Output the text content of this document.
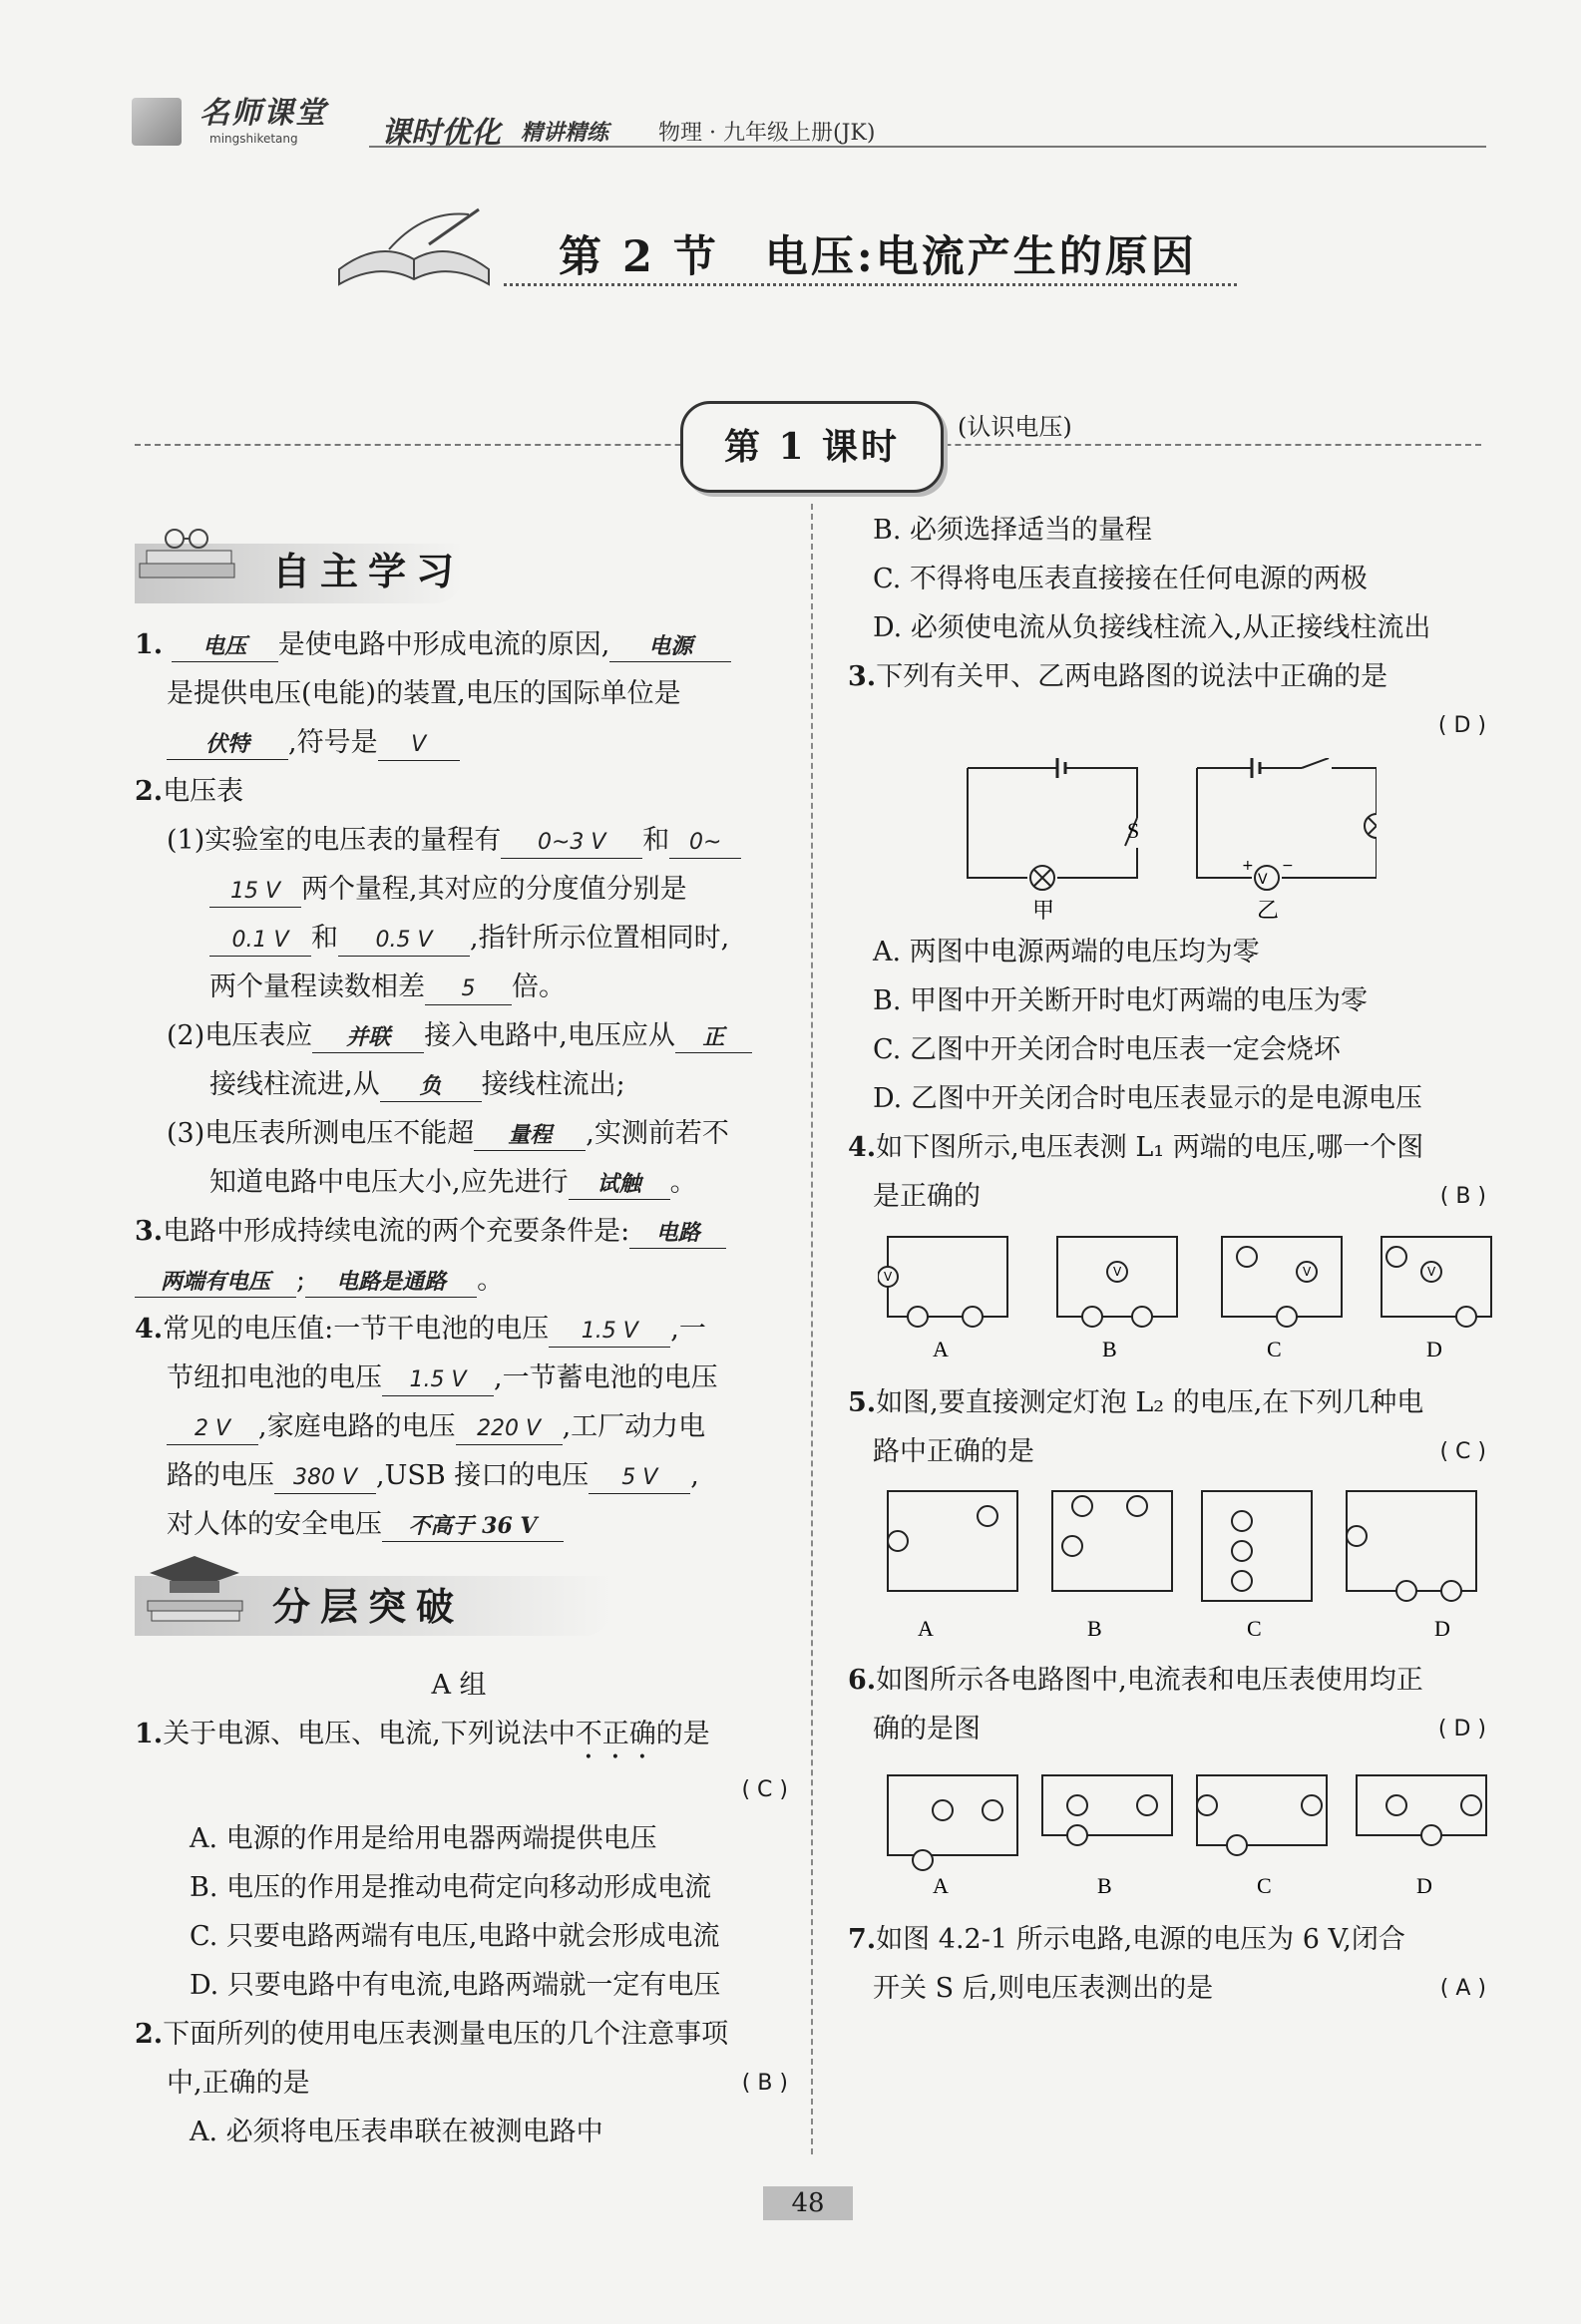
名师课堂
mingshiketang	课时优化 精讲精练 物理 · 九年级上册(JK)
第 2 节　电压:电流产生的原因
第 1 课时	(认识电压)
自主学习
1. 电压 是使电路中形成电流的原因, 电源
是提供电压(电能)的装置,电压的国际单位是
伏特 ,符号是 V
2.电压表
(1)实验室的电压表的量程有 0~3 V 和 0~
15 V 两个量程,其对应的分度值分别是
0.1 V 和 0.5 V ,指针所示位置相同时,
两个量程读数相差 5 倍。
(2)电压表应 并联 接入电路中,电压应从 正
接线柱流进,从 负 接线柱流出;
(3)电压表所测电压不能超 量程 ,实测前若不
知道电路中电压大小,应先进行 试触 。
3.电路中形成持续电流的两个充要条件是: 电路
两端有电压 ; 电路是通路 。
4.常见的电压值:一节干电池的电压 1.5 V ,一
节纽扣电池的电压 1.5 V ,一节蓄电池的电压
2 V ,家庭电路的电压 220 V ,工厂动力电
路的电压 380 V ,USB 接口的电压 5 V ,
对人体的安全电压 不高于 36 V
分层突破
A 组
1.关于电源、电压、电流,下列说法中不正确的是
( C )
A. 电源的作用是给用电器两端提供电压
B. 电压的作用是推动电荷定向移动形成电流
C. 只要电路两端有电压,电路中就会形成电流
D. 只要电路中有电流,电路两端就一定有电压
2.下面所列的使用电压表测量电压的几个注意事项
中,正确的是	( B )
A. 必须将电压表串联在被测电路中
B. 必须选择适当的量程
C. 不得将电压表直接接在任何电源的两极
D. 必须使电流从负接线柱流入,从正接线柱流出
3.下列有关甲、乙两电路图的说法中正确的是
( D )
V
+ −
S
甲	乙
A. 两图中电源两端的电压均为零
B. 甲图中开关断开时电灯两端的电压为零
C. 乙图中开关闭合时电压表一定会烧坏
D. 乙图中开关闭合时电压表显示的是电源电压
4.如下图所示,电压表测 L₁ 两端的电压,哪一个图
是正确的	( B )
V	V	V	V
A	B	C	D
5.如图,要直接测定灯泡 L₂ 的电压,在下列几种电
路中正确的是	( C )
A	B	C	D
6.如图所示各电路图中,电流表和电压表使用均正
确的是图	( D )
A	B	C	D
7.如图 4.2-1 所示电路,电源的电压为 6 V,闭合
开关 S 后,则电压表测出的是	( A )
48
